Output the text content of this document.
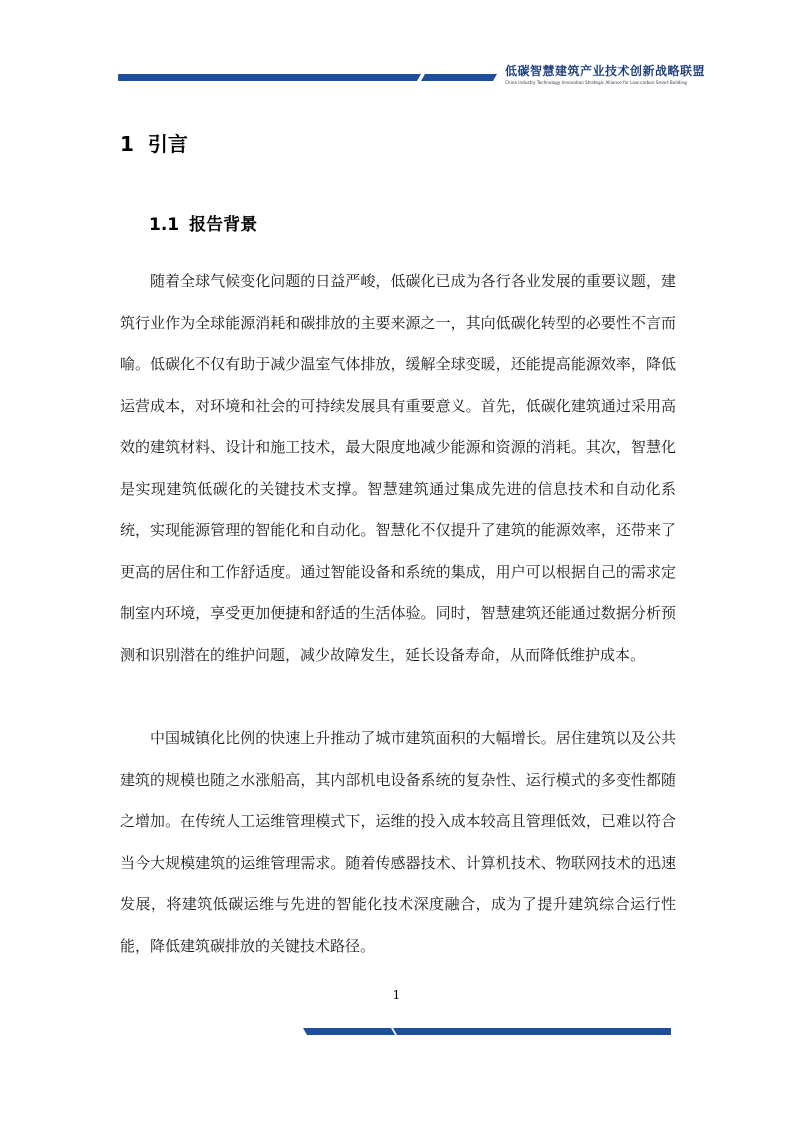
低碳智慧建筑产业技术创新战略联盟
China Industry Technology Innovation Strategic Alliance for Low-carbon Smart Building
1 引言
1.1 报告背景

随着全球气候变化问题的日益严峻，低碳化已成为各行各业发展的重要议题，建筑行业作为全球能源消耗和碳排放的主要来源之一，其向低碳化转型的必要性不言而喻。低碳化不仅有助于减少温室气体排放，缓解全球变暖，还能提高能源效率，降低运营成本，对环境和社会的可持续发展具有重要意义。首先，低碳化建筑通过采用高效的建筑材料、设计和施工技术，最大限度地减少能源和资源的消耗。其次，智慧化是实现建筑低碳化的关键技术支撑。智慧建筑通过集成先进的信息技术和自动化系统，实现能源管理的智能化和自动化。智慧化不仅提升了建筑的能源效率，还带来了更高的居住和工作舒适度。通过智能设备和系统的集成，用户可以根据自己的需求定制室内环境，享受更加便捷和舒适的生活体验。同时，智慧建筑还能通过数据分析预测和识别潜在的维护问题，减少故障发生，延长设备寿命，从而降低维护成本。

中国城镇化比例的快速上升推动了城市建筑面积的大幅增长。居住建筑以及公共建筑的规模也随之水涨船高，其内部机电设备系统的复杂性、运行模式的多变性都随之增加。在传统人工运维管理模式下，运维的投入成本较高且管理低效，已难以符合当今大规模建筑的运维管理需求。随着传感器技术、计算机技术、物联网技术的迅速发展，将建筑低碳运维与先进的智能化技术深度融合，成为了提升建筑综合运行性能，降低建筑碳排放的关键技术路径。

1
